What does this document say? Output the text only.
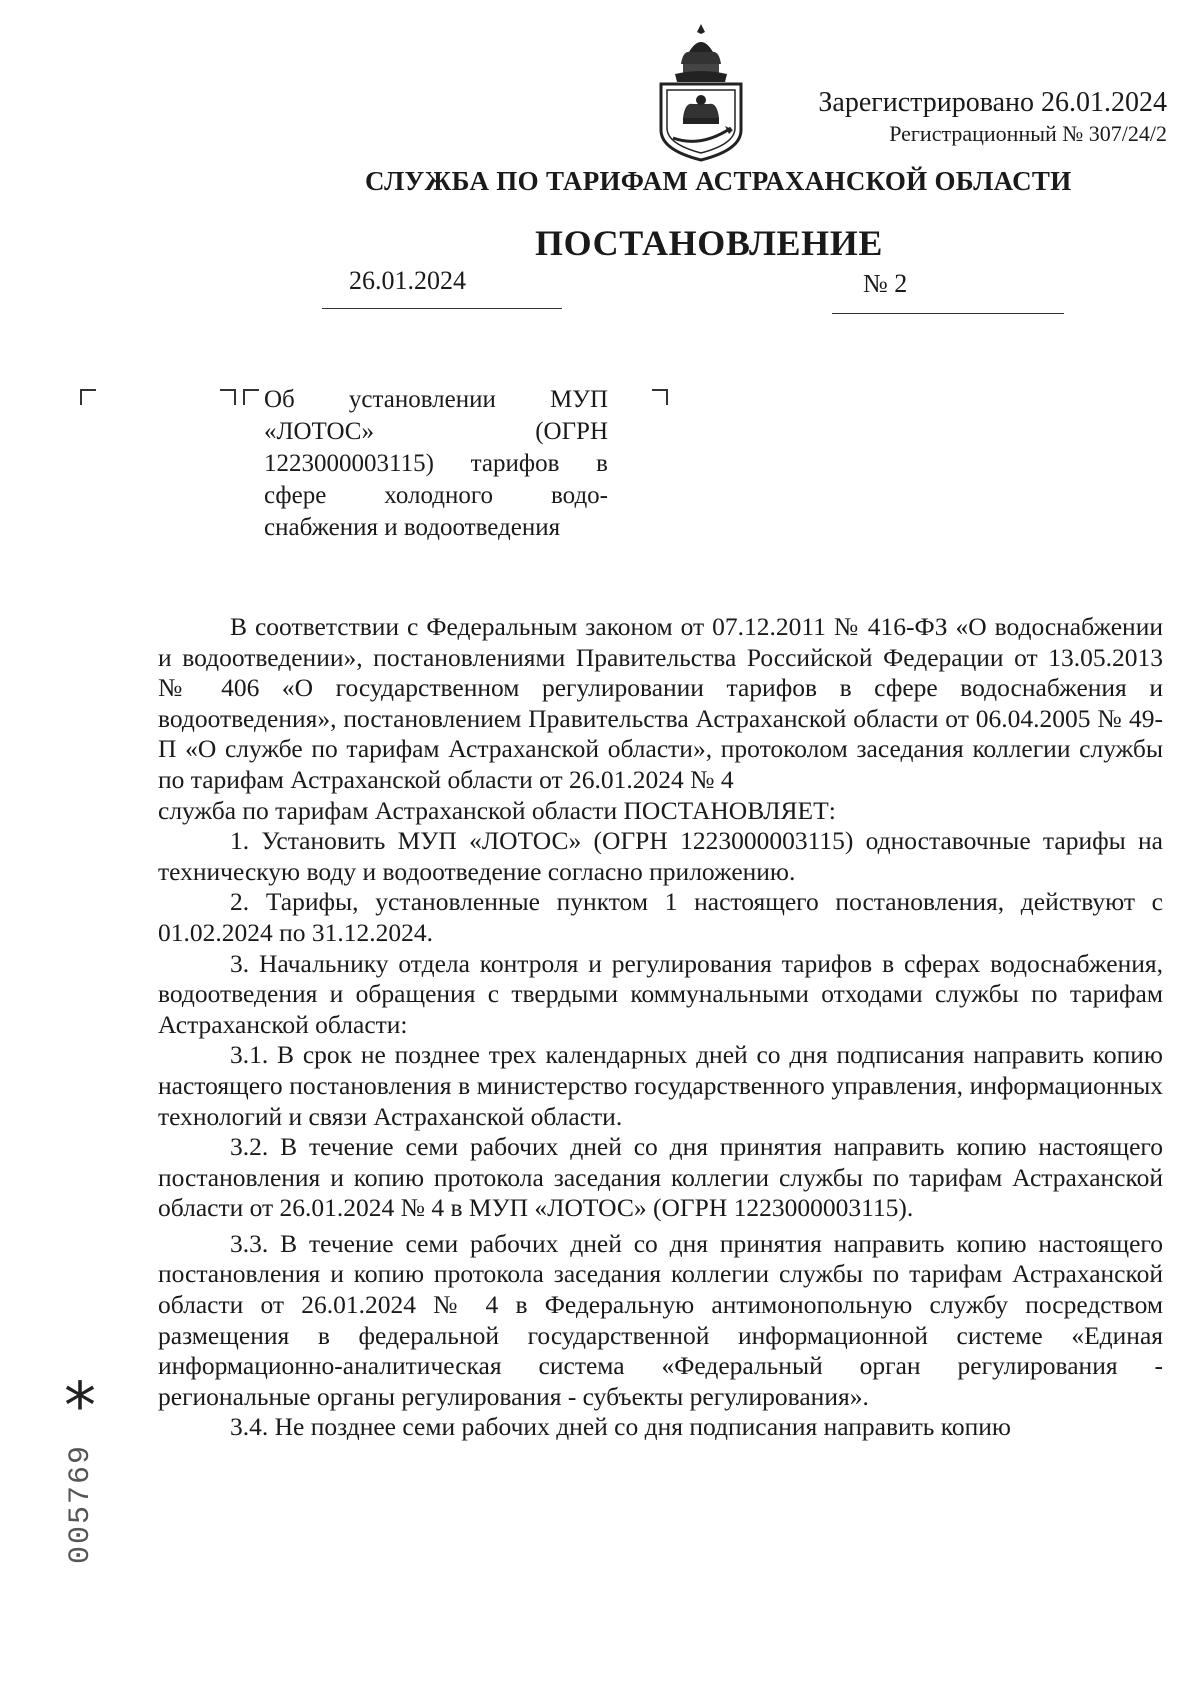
Зарегистрировано 26.01.2024
Регистрационный № 307/24/2
СЛУЖБА ПО ТАРИФАМ АСТРАХАНСКОЙ ОБЛАСТИ
ПОСТАНОВЛЕНИЕ
26.01.2024	№ 2
Об установлении МУП
«ЛОТОС» (ОГРН
1223000003115) тарифов в
сфере холодного водо-
снабжения и водоотведения

В соответствии с Федеральным законом от 07.12.2011 № 416-ФЗ «О водоснабжении и водоотведении», постановлениями Правительства Российской Федерации от 13.05.2013 № 406 «О государственном регулировании тарифов в сфере водоснабжения и водоотведения», постановлением Правительства Астраханской области от 06.04.2005 № 49-П «О службе по тарифам Астраханской области», протоколом заседания коллегии службы по тарифам Астраханской области от 26.01.2024 № 4

служба по тарифам Астраханской области ПОСТАНОВЛЯЕТ:

1. Установить МУП «ЛОТОС» (ОГРН 1223000003115) одноставочные тарифы на техническую воду и водоотведение согласно приложению.

2. Тарифы, установленные пунктом 1 настоящего постановления, действуют с 01.02.2024 по 31.12.2024.

3. Начальнику отдела контроля и регулирования тарифов в сферах водоснабжения, водоотведения и обращения с твердыми коммунальными отходами службы по тарифам Астраханской области:

3.1. В срок не позднее трех календарных дней со дня подписания направить копию настоящего постановления в министерство государственного управления, информационных технологий и связи Астраханской области.

3.2. В течение семи рабочих дней со дня принятия направить копию настоящего постановления и копию протокола заседания коллегии службы по тарифам Астраханской области от 26.01.2024 № 4 в МУП «ЛОТОС» (ОГРН 1223000003115).

3.3. В течение семи рабочих дней со дня принятия направить копию настоящего постановления и копию протокола заседания коллегии службы по тарифам Астраханской области от 26.01.2024 № 4 в Федеральную антимонопольную службу посредством размещения в федеральной государственной информационной системе «Единая информационно-аналитическая система «Федеральный орган регулирования - региональные органы регулирования - субъекты регулирования».

3.4. Не позднее семи рабочих дней со дня подписания направить копию

*
005769
